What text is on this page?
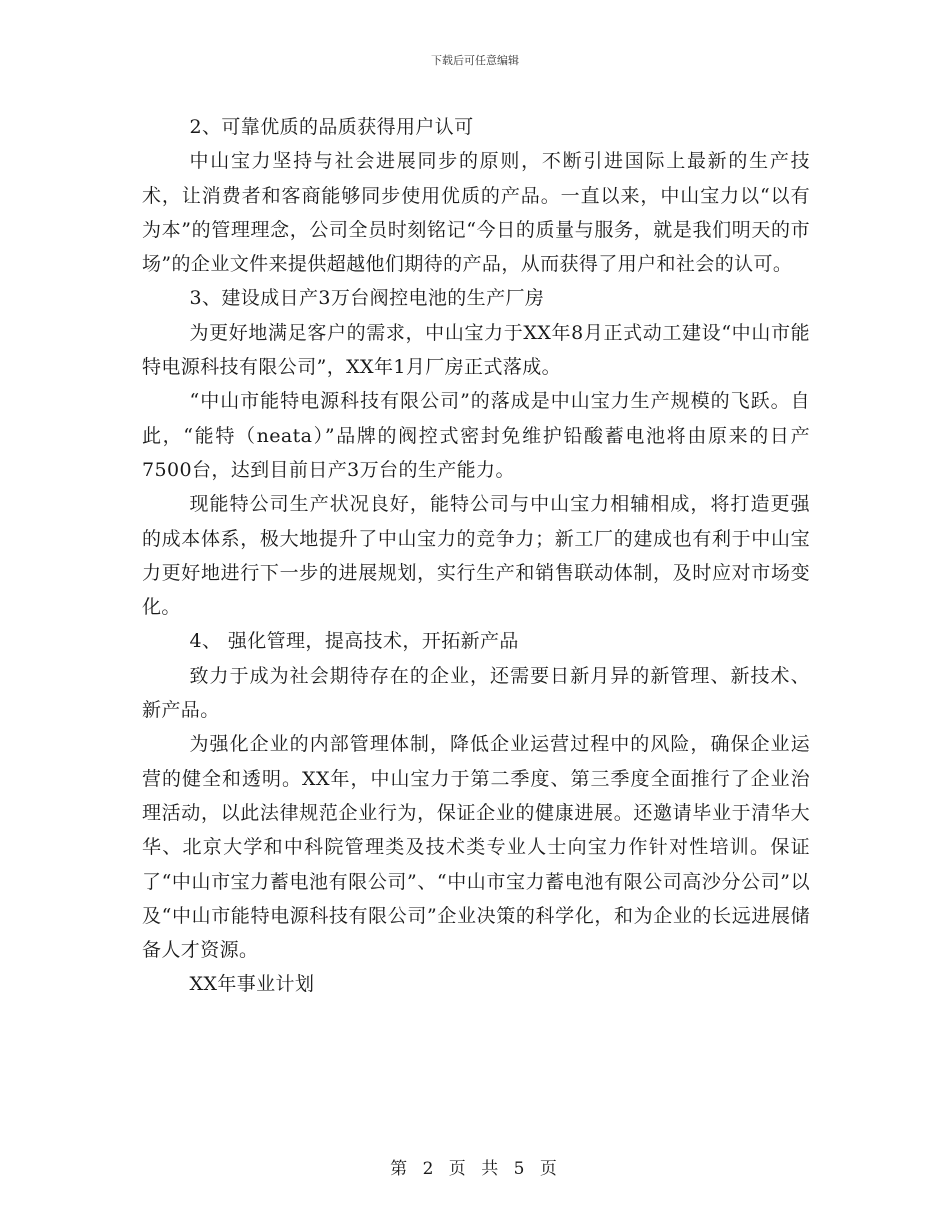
下载后可任意编辑

2、可靠优质的品质获得用户认可

中山宝力坚持与社会进展同步的原则，不断引进国际上最新的生产技术，让消费者和客商能够同步使用优质的产品。一直以来，中山宝力以“以有为本”的管理理念，公司全员时刻铭记“今日的质量与服务，就是我们明天的市场”的企业文件来提供超越他们期待的产品，从而获得了用户和社会的认可。

3、建设成日产3万台阀控电池的生产厂房

为更好地满足客户的需求，中山宝力于XX年8月正式动工建设“中山市能特电源科技有限公司”，XX年1月厂房正式落成。

“中山市能特电源科技有限公司”的落成是中山宝力生产规模的飞跃。自此，“能特（neata）”品牌的阀控式密封免维护铅酸蓄电池将由原来的日产7500台，达到目前日产3万台的生产能力。

现能特公司生产状况良好，能特公司与中山宝力相辅相成，将打造更强的成本体系，极大地提升了中山宝力的竞争力；新工厂的建成也有利于中山宝力更好地进行下一步的进展规划，实行生产和销售联动体制，及时应对市场变化。

4、 强化管理，提高技术，开拓新产品

致力于成为社会期待存在的企业，还需要日新月异的新管理、新技术、新产品。

为强化企业的内部管理体制，降低企业运营过程中的风险，确保企业运营的健全和透明。XX年，中山宝力于第二季度、第三季度全面推行了企业治理活动，以此法律规范企业行为，保证企业的健康进展。还邀请毕业于清华大华、北京大学和中科院管理类及技术类专业人士向宝力作针对性培训。保证了“中山市宝力蓄电池有限公司”、“中山市宝力蓄电池有限公司高沙分公司”以及“中山市能特电源科技有限公司”企业决策的科学化，和为企业的长远进展储备人才资源。

XX年事业计划

第 2 页 共 5 页
